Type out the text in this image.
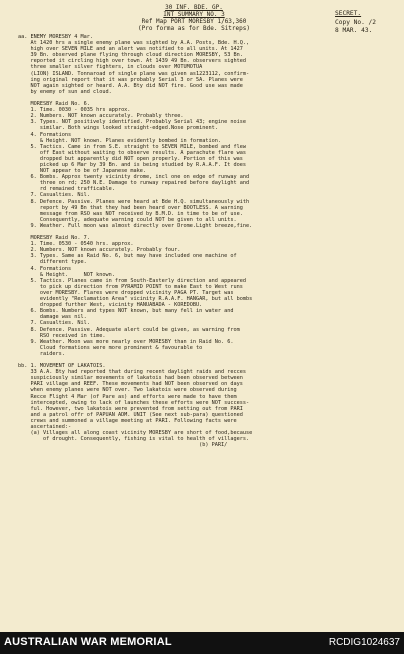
30 INF. BDE. GP.
INT SUMMARY NO. 3
Ref Map PORT MORESBY 1/63,360
(Pro forma as for Bde. Sitreps)
SECRET.
Copy No. /2
8 MAR. 43.
aa. ENEMY MORESBY 4 Mar.
At 1420 hrs a single enemy plane was sighted by A.A. Posts, Bde. H.Q.,
high over SEVEN MILE and an alert was notified to all units. At 1427
39 Bn. observed plane flying through cloud direction MORESBY, 53 Bn.
reported it circling high over town. At 1439 49 Bn. observers sighted
three smaller silver fighters, in clouds over MOTUMOTUA
(LION) ISLAND. Tonnaroad of single plane was given as1223112, confirm-
ing original report that it was probably Serial 3 or 5A. Planes were
NOT again sighted or heard. A.A. Bty did NOT fire. Good use was made
by enemy of sun and cloud.
MORESBY Raid No. 6.
1. Time. 0030 - 0035 hrs approx.
2. Numbers. NOT known accurately. Probably three.
3. Types. NOT positively identified. Probably Serial 43; engine noise
similar. Both wings looked straight-edged.Nose prominent.
4. Formations
& Height. NOT known. Planes evidently bombed in formation.
5. Tactics. Came in from S.E. straight to SEVEN MILE, bombed and flew
off East without waiting to observe results. A parachute flare was
dropped but apparently did NOT open properly. Portion of this was
picked up 6 Mar by 39 Bn. and is being studied by R.A.A.F. It does
NOT appear to be of Japanese make.
6. Bombs. Approx twenty vicinity drome, incl one on edge of runway and
three on rd; 250 N.E. Damage to runway repaired before daylight and
rd remained trafficable.
7. Casualties. Nil.
8. Defence. Passive. Planes were heard at Bde H.Q. simultaneously with
report by 49 Bn that they had been heard over BOOTLESS. A warning
message from RSO was NOT received by B.M.D. in time to be of use.
Consequently, adequate warning could NOT be given to all units.
9. Weather. Full moon was almost directly over Drome.Light breeze,fine.
MORESBY Raid No. 7.
1. Time. 0530 - 0540 hrs. approx.
2. Numbers. NOT known accurately. Probably four.
3. Types. Same as Raid No. 6, but may have included one machine of
different type.
4. Formations
& Height.     NOT known.
5. Tactics. Planes came in from South-Easterly direction and appeared
to pick up direction from PYRAMID POINT to make East to West runs
over MORESBY. Flares were dropped vicinity PAGA PT. Target was
evidently "Reclamation Area" vicinity R.A.A.F. HANGAR, but all bombs
dropped further West, vicinity HANUABADA - KOREDOBU.
6. Bombs. Numbers and types NOT known, but many fell in water and
damage was nil.
7. Casualties. Nil.
8. Defence. Passive. Adequate alert could be given, as warning from
RSO received in time.
9. Weather. Moon was more nearly over MORESBY than in Raid No. 6.
Cloud formations were more prominent & favourable to
raiders.
bb. 1. MOVEMENT OF LAKATOIS.
33 A.A. Bty had reported that during recent daylight raids and recces
suspiciously similar movements of lakatois had been observed between
PARI village and REEF. These movements had NOT been observed on days
when enemy planes were NOT over. Two lakatois were observed during
Recce Flight 4 Mar (of Pare as) and efforts were made to have them
intercepted, owing to lack of launches these efforts were NOT success-
ful. However, two lakatois were prevented from setting out from PARI
and a patrol offr of PAPUAN ADM. UNIT (See next sub-para) questioned
crews and summoned a village meeting at PARI. Following facts were
ascertained:-
(a) Villages all along coast vicinity MORESBY are short of food,because
of drought. Consequently, fishing is vital to health of villagers.
(b) PARI/
AUSTRALIAN WAR MEMORIAL	RCDIG1024637
